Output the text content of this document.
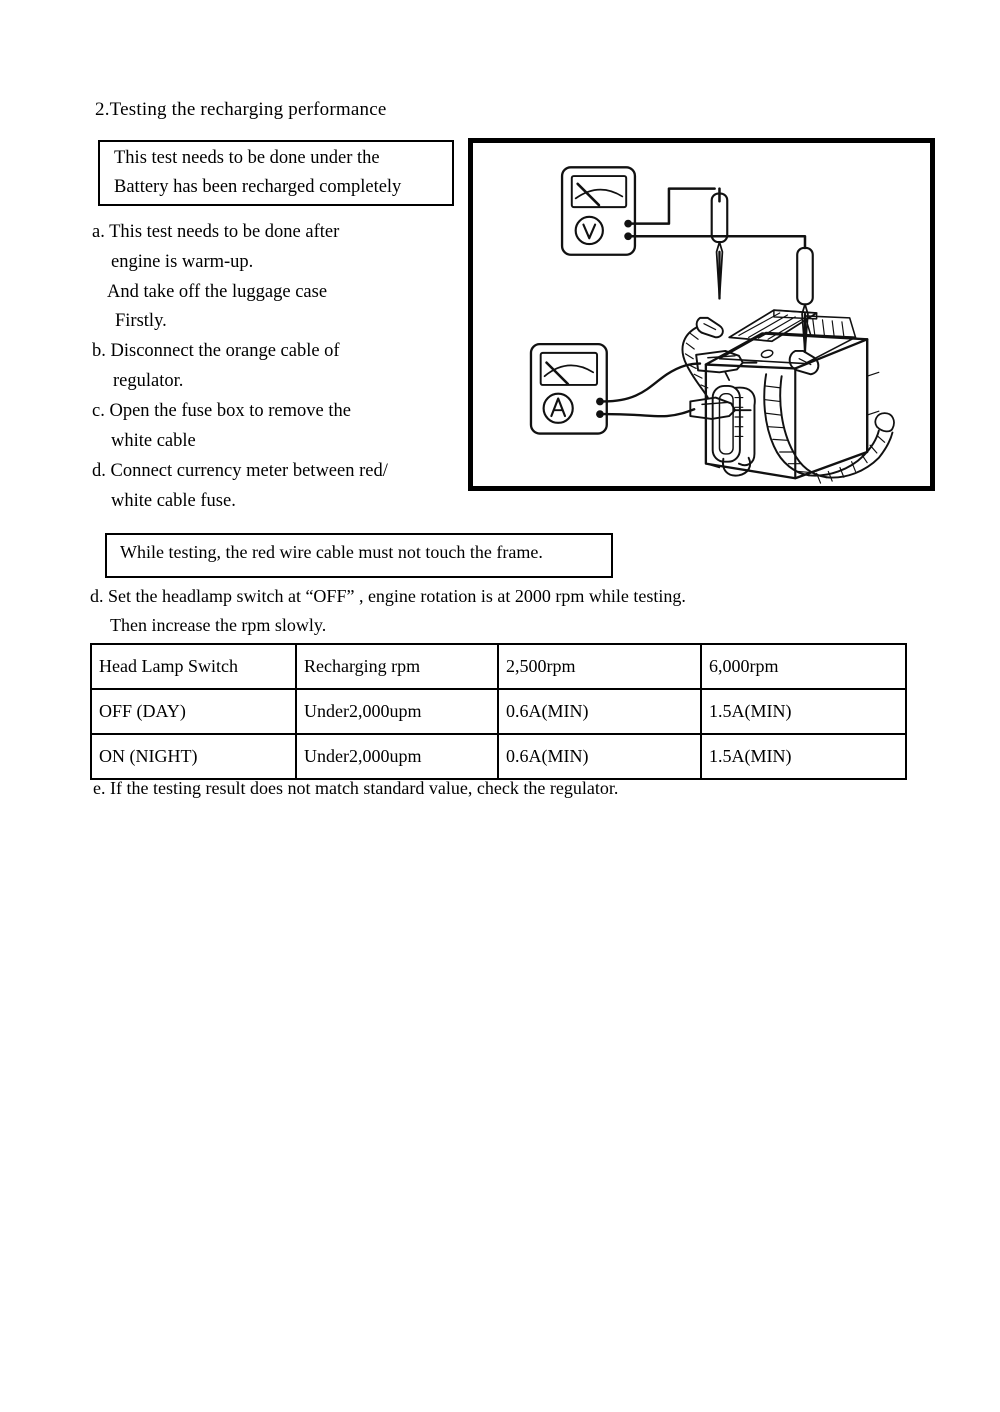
2.Testing the recharging performance
This test needs to be done under the
Battery has been recharged completely
a. This test needs to be done after
engine is warm-up.
And take off the luggage case
Firstly.
b. Disconnect the orange cable of
regulator.
c. Open the fuse box to remove the
white cable
d. Connect currency meter between red/
white cable fuse.
While testing, the red wire cable must not touch the frame.
d. Set the headlamp switch at “OFF” , engine rotation is at 2000 rpm while testing.
Then increase the rpm slowly.
Head Lamp Switch	Recharging rpm	2,500rpm	6,000rpm
OFF (DAY)	Under2,000upm	0.6A(MIN)	1.5A(MIN)
ON (NIGHT)	Under2,000upm	0.6A(MIN)	1.5A(MIN)
e. If the testing result does not match standard value, check the regulator.
